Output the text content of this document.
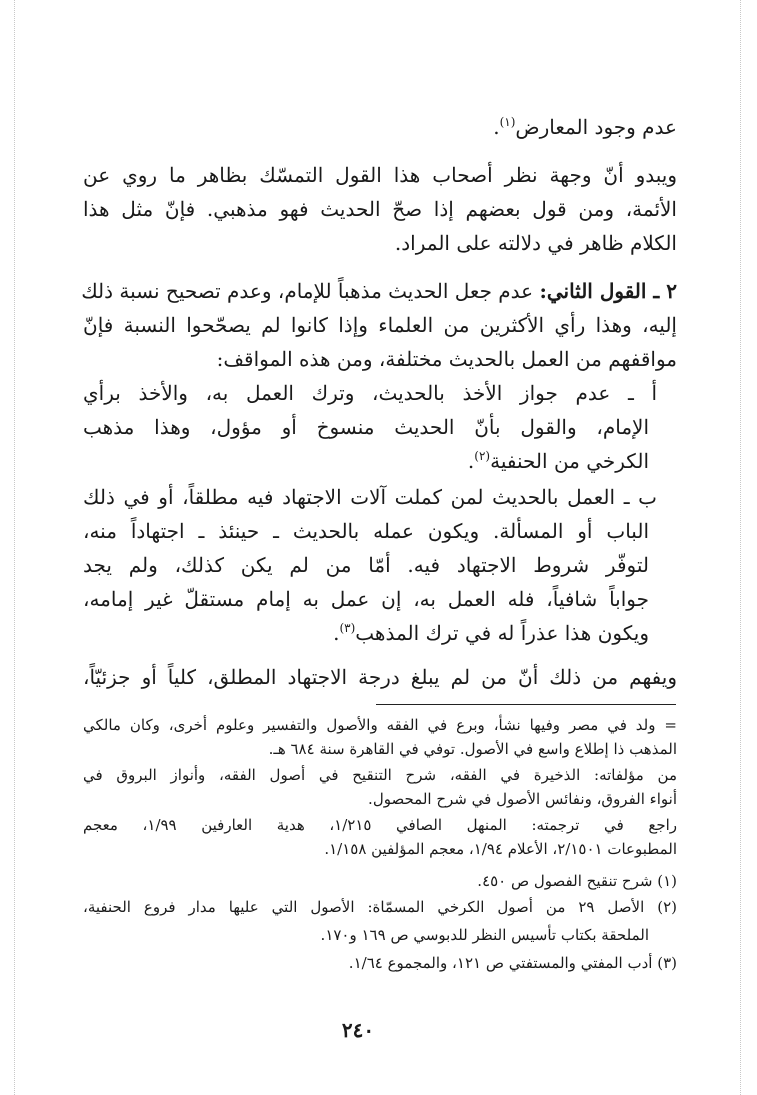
عدم وجود المعارض$^{(١)}$.
ويبدو أنّ وجهة نظر أصحاب هذا القول التمسّك بظاهر ما روي عن
الأئمة، ومن قول بعضهم إذا صحّ الحديث فهو مذهبي. فإنّ مثل هذا
الكلام ظاهر في دلالته على المراد.
٢ ـ القول الثاني: عدم جعل الحديث مذهباً للإمام، وعدم تصحيح نسبة ذلك
إليه، وهذا رأي الأكثرين من العلماء وإذا كانوا لم يصحّحوا النسبة فإنّ
مواقفهم من العمل بالحديث مختلفة، ومن هذه المواقف:
أ ـ عدم جواز الأخذ بالحديث، وترك العمل به، والأخذ برأي
الإمام، والقول بأنّ الحديث منسوخ أو مؤول، وهذا مذهب
الكرخي من الحنفية$^{(٢)}$.
ب ـ العمل بالحديث لمن كملت آلات الاجتهاد فيه مطلقاً، أو في ذلك
الباب أو المسألة. ويكون عمله بالحديث ـ حينئذ ـ اجتهاداً منه،
لتوفّر شروط الاجتهاد فيه. أمّا من لم يكن كذلك، ولم يجد
جواباً شافياً، فله العمل به، إن عمل به إمام مستقلّ غير إمامه،
ويكون هذا عذراً له في ترك المذهب$^{(٣)}$.
ويفهم من ذلك أنّ من لم يبلغ درجة الاجتهاد المطلق، كلياً أو جزئيّاً،
= ولد في مصر وفيها نشأ، وبرع في الفقه والأصول والتفسير وعلوم أخرى، وكان مالكي
المذهب ذا إطلاع واسع في الأصول. توفي في القاهرة سنة ٦٨٤ هـ.
من مؤلفاته: الذخيرة في الفقه، شرح التنقيح في أصول الفقه، وأنواز البروق في
أنواء الفروق، ونفائس الأصول في شرح المحصول.
راجع في ترجمته: المنهل الصافي ١/٢١٥، هدية العارفين ١/٩٩، معجم
المطبوعات ٢/١٥٠١، الأعلام ١/٩٤، معجم المؤلفين ١/١٥٨.
(١) شرح تنقيح الفصول ص ٤٥٠.
(٢) الأصل ٢٩ من أصول الكرخي المسمّاة: الأصول التي عليها مدار فروع الحنفية،
الملحقة بكتاب تأسيس النظر للدبوسي ص ١٦٩ و١٧٠.
(٣) أدب المفتي والمستفتي ص ١٢١، والمجموع ١/٦٤.
٢٤٠
